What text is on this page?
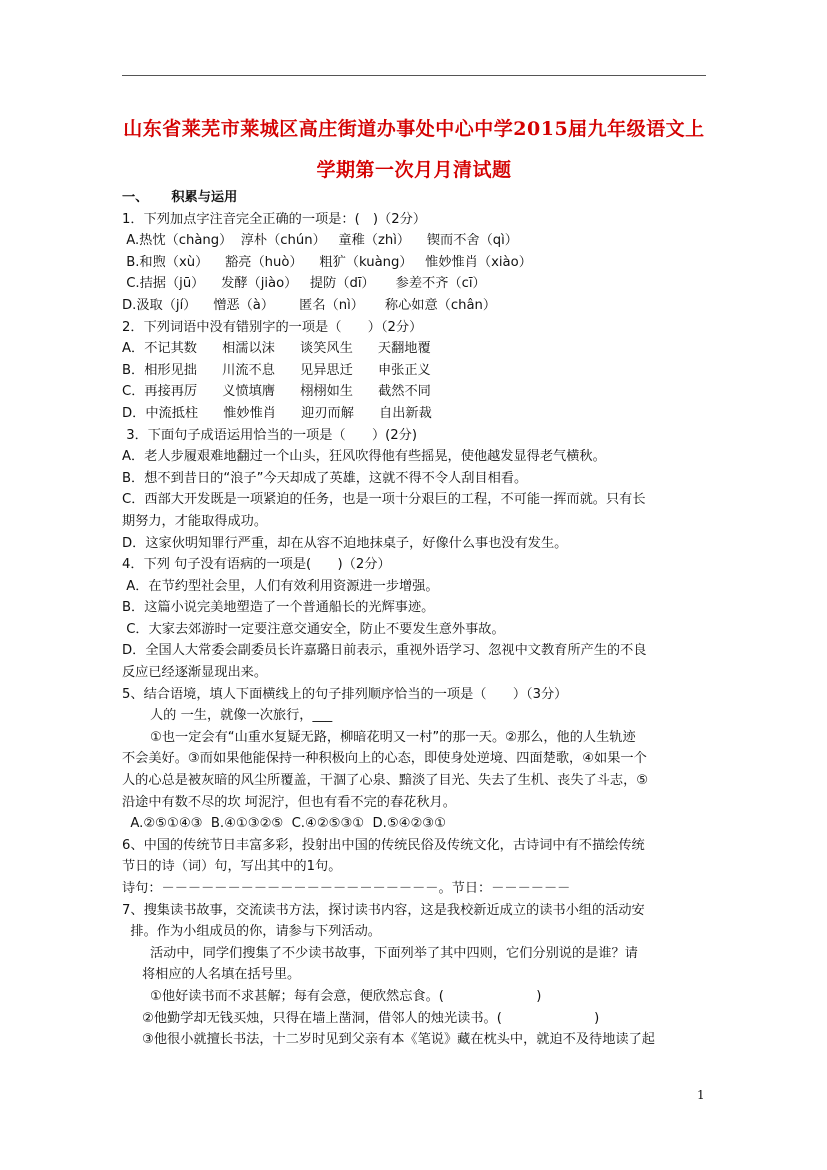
山东省莱芜市莱城区高庄街道办事处中心中学2015届九年级语文上
学期第一次月月清试题
一、     积累与运用
1．下列加点字注音完全正确的一项是：(　)（2分）
A.热忱（chàng）  淳朴（chún）   童稚（zhì）    锲而不舍（qì）
B.和煦（xù）    豁亮（huò）    粗犷（kuàng）   惟妙惟肖（xiào）
C.拮据（jū）    发酵（jiào）   提防（dī）     参差不齐（cī）
D.汲取（jí）    憎恶（à）      匿名（nì）     称心如意（chân）
2．下列词语中没有错别字的一项是（　　）（2分）
A．不记其数      相濡以沫      谈笑风生      天翻地覆
B．相形见拙      川流不息      见异思迁      申张正义
C．再接再厉      义愤填膺      栩栩如生      截然不同
D．中流抵柱      惟妙惟肖      迎刃而解      自出新裁
3．下面句子成语运用恰当的一项是（　　）(2分)
A．老人步履艰难地翻过一个山头，狂风吹得他有些摇晃，使他越发显得老气横秋。
B．想不到昔日的“浪子”今天却成了英雄，这就不得不令人刮目相看。
C．西部大开发既是一项紧迫的任务，也是一项十分艰巨的工程，不可能一挥而就。只有长
期努力，才能取得成功。
D．这家伙明知罪行严重，却在从容不迫地抹桌子，好像什么事也没有发生。
4．下列 句子没有语病的一项是(　　)（2分）
A．在节约型社会里，人们有效利用资源进一步增强。
B．这篇小说完美地塑造了一个普通船长的光辉事迹。
C．大家去郊游时一定要注意交通安全，防止不要发生意外事故。
D．全国人大常委会副委员长许嘉璐日前表示，重视外语学习、忽视中文教育所产生的不良
反应已经逐渐显现出来。
5、结合语境，填人下面横线上的句子排列顺序恰当的一项是（　　）（3分）
人的 一生，就像一次旅行，___
①也一定会有“山重水复疑无路，柳暗花明又一村”的那一天。②那么，他的人生轨迹
不会美好。③而如果他能保持一种积极向上的心态，即使身处逆境、四面楚歌，④如果一个
人的心总是被灰暗的风尘所覆盖，干涸了心泉、黯淡了目光、失去了生机、丧失了斗志，⑤
沿途中有数不尽的坎 坷泥泞，但也有看不完的春花秋月。
A.②⑤①④③  B.④①③②⑤  C.④②⑤③①  D.⑤④②③①
6、中国的传统节日丰富多彩，投射出中国的传统民俗及传统文化，古诗词中有不描绘传统
节日的诗（词）句，写出其中的1句。
诗句：－－－－－－－－－－－－－－－－－－－－－。节日：－－－－－－
7、搜集读书故事，交流读书方法，探讨读书内容，这是我校新近成立的读书小组的活动安
排。作为小组成员的你，请参与下列活动。
活动中，同学们搜集了不少读书故事，下面列举了其中四则，它们分别说的是谁？请
将相应的人名填在括号里。
①他好读书而不求甚解；每有会意，便欣然忘食。(　　　　　　　)
②他勤学却无钱买烛，只得在墙上凿洞，借邻人的烛光读书。(　　　　　　　)
③他很小就擅长书法，十二岁时见到父亲有本《笔说》藏在枕头中，就迫不及待地读了起
1
